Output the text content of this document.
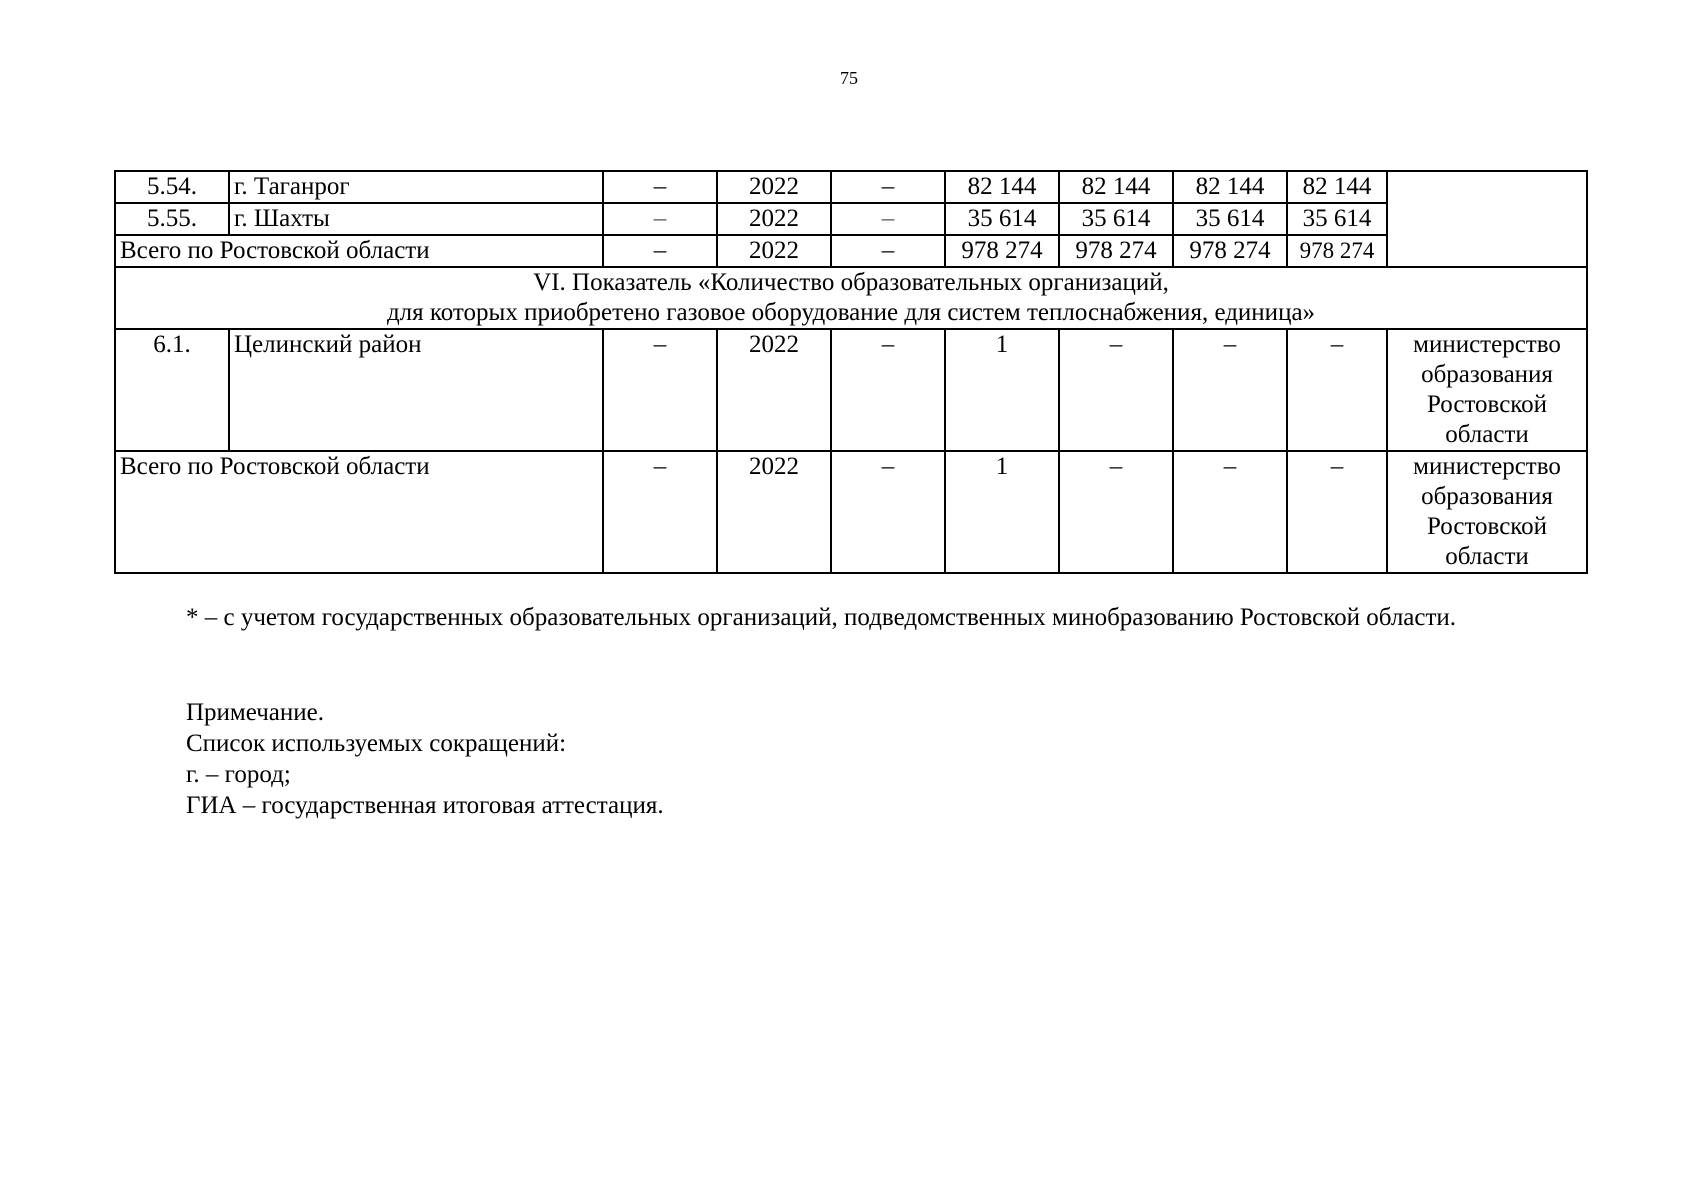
75
5.54.	г. Таганрог	–	2022	–	82 144	82 144	82 144	82 144	
5.55.	г. Шахты	–	2022	–	35 614	35 614	35 614	35 614	
Всего по Ростовской области		–	2022	–	978 274	978 274	978 274	978 274	

VI. Показатель «Количество образовательных организаций,
для которых приобретено газовое оборудование для систем теплоснабжения, единица»									

6.1.	Целинский район	–	2022	–	1	–	–	–	министерство образования Ростовской области
Всего по Ростовской области		–	2022	–	1	–	–	–	министерство образования Ростовской области
* – с учетом государственных образовательных организаций, подведомственных минобразованию Ростовской области.
Примечание.
Список используемых сокращений:
г. – город;
ГИА – государственная итоговая аттестация.
